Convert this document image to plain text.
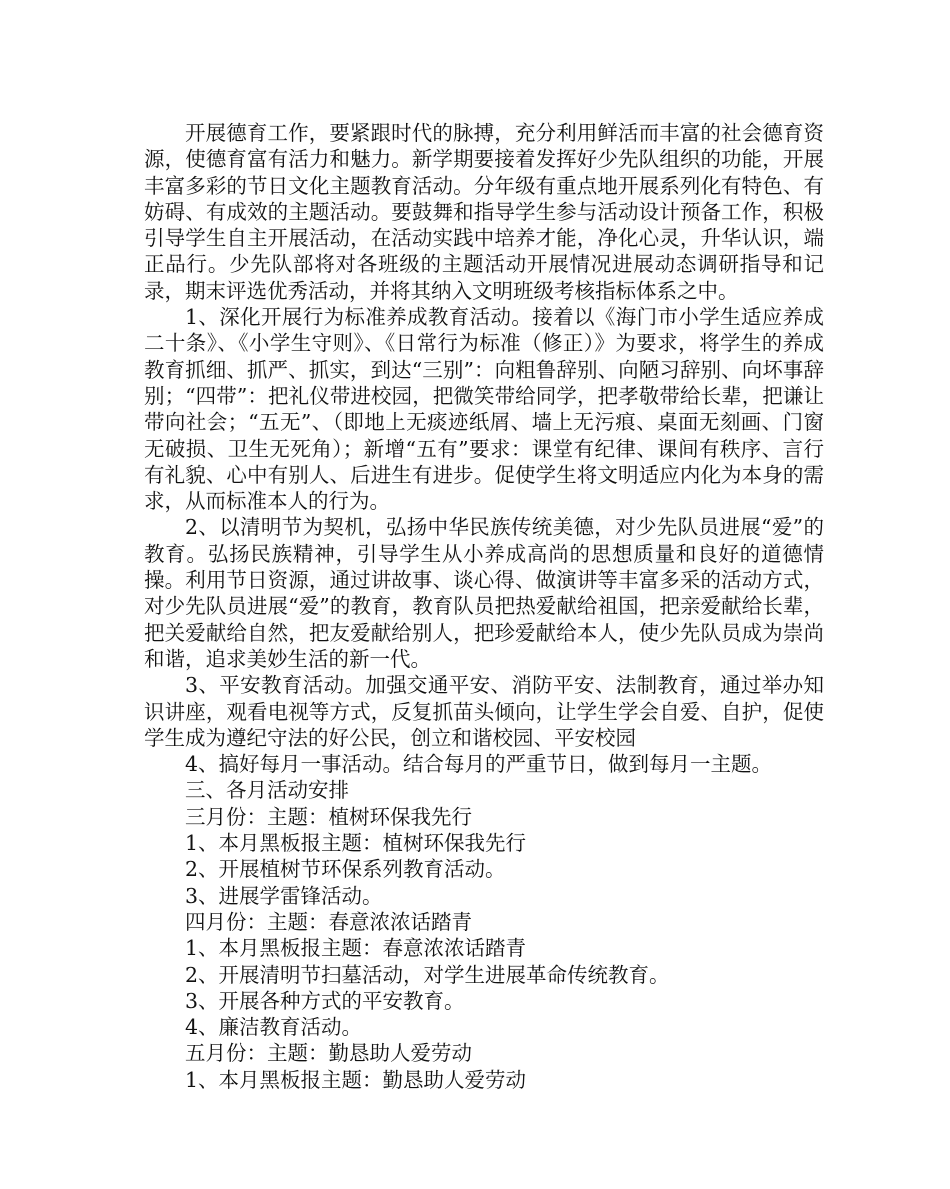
开展德育工作，要紧跟时代的脉搏，充分利用鲜活而丰富的社会德育资源，使德育富有活力和魅力。新学期要接着发挥好少先队组织的功能，开展丰富多彩的节日文化主题教育活动。分年级有重点地开展系列化有特色、有妨碍、有成效的主题活动。要鼓舞和指导学生参与活动设计预备工作，积极引导学生自主开展活动，在活动实践中培养才能，净化心灵，升华认识，端正品行。少先队部将对各班级的主题活动开展情况进展动态调研指导和记录，期末评选优秀活动，并将其纳入文明班级考核指标体系之中。

1、深化开展行为标准养成教育活动。接着以《海门市小学生适应养成二十条》、《小学生守则》、《日常行为标准（修正）》为要求，将学生的养成教育抓细、抓严、抓实，到达“三别”：向粗鲁辞别、向陋习辞别、向坏事辞别；“四带”：把礼仪带进校园，把微笑带给同学，把孝敬带给长辈，把谦让带向社会；“五无”、（即地上无痰迹纸屑、墙上无污痕、桌面无刻画、门窗无破损、卫生无死角）；新增“五有”要求：课堂有纪律、课间有秩序、言行有礼貌、心中有别人、后进生有进步。促使学生将文明适应内化为本身的需求，从而标准本人的行为。

2、以清明节为契机，弘扬中华民族传统美德，对少先队员进展“爱”的教育。弘扬民族精神，引导学生从小养成高尚的思想质量和良好的道德情操。利用节日资源，通过讲故事、谈心得、做演讲等丰富多采的活动方式，对少先队员进展“爱”的教育，教育队员把热爱献给祖国，把亲爱献给长辈，把关爱献给自然，把友爱献给别人，把珍爱献给本人，使少先队员成为崇尚和谐，追求美妙生活的新一代。

3、平安教育活动。加强交通平安、消防平安、法制教育，通过举办知识讲座，观看电视等方式，反复抓苗头倾向，让学生学会自爱、自护，促使学生成为遵纪守法的好公民，创立和谐校园、平安校园

4、搞好每月一事活动。结合每月的严重节日，做到每月一主题。

三、各月活动安排

三月份：主题：植树环保我先行

1、本月黑板报主题：植树环保我先行

2、开展植树节环保系列教育活动。

3、进展学雷锋活动。

四月份：主题：春意浓浓话踏青

1、本月黑板报主题：春意浓浓话踏青

2、开展清明节扫墓活动，对学生进展革命传统教育。

3、开展各种方式的平安教育。

4、廉洁教育活动。

五月份：主题：勤恳助人爱劳动

1、本月黑板报主题：勤恳助人爱劳动
